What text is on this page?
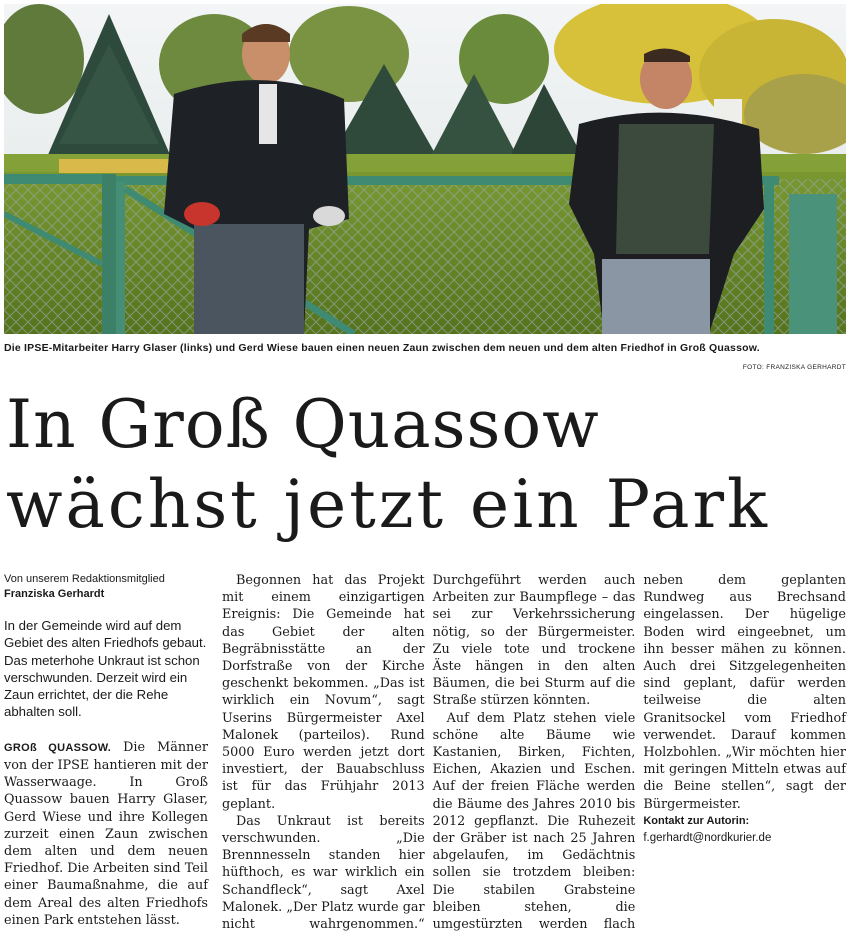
Die IPSE-Mitarbeiter Harry Glaser (links) und Gerd Wiese bauen einen neuen Zaun zwischen dem neuen und dem alten Friedhof in Groß Quassow.
FOTO: FRANZISKA GERHARDT
In Groß Quassow
wächst jetzt ein Park

Von unserem Redaktionsmitglied

Franziska Gerhardt

In der Gemeinde wird auf dem Gebiet des alten Friedhofs gebaut. Das meterhohe Unkraut ist schon verschwunden. Derzeit wird ein Zaun errichtet, der die Rehe abhalten soll.

GROß QUASSOW. Die Männer von der IPSE hantieren mit der Wasserwaage. In Groß Quassow bauen Harry Glaser, Gerd Wiese und ihre Kollegen zurzeit einen Zaun zwischen dem alten und dem neuen Friedhof. Die Arbeiten sind Teil einer Baumaßnahme, die auf dem Areal des alten Friedhofs einen Park entstehen lässt.

Begonnen hat das Projekt mit einem einzigartigen Ereignis: Die Gemeinde hat das Gebiet der alten Begräbnisstätte an der Dorfstraße von der Kirche geschenkt bekommen. „Das ist wirklich ein Novum“, sagt Userins Bürgermeister Axel Malonek (parteilos). Rund 5000 Euro werden jetzt dort investiert, der Bauabschluss ist für das Frühjahr 2013 geplant.

Das Unkraut ist bereits verschwunden. „Die Brennnesseln standen hier hüfthoch, es war wirklich ein Schandfleck“, sagt Axel Malonek. „Der Platz wurde gar nicht wahrgenommen.“ Durchgeführt werden auch Arbeiten zur Baumpflege – das sei zur Verkehrssicherung nötig, so der Bürgermeister. Zu viele tote und trockene Äste hängen in den alten Bäumen, die bei Sturm auf die Straße stürzen könnten.

Auf dem Platz stehen viele schöne alte Bäume wie Kastanien, Birken, Fichten, Eichen, Akazien und Eschen. Auf der freien Fläche werden die Bäume des Jahres 2010 bis 2012 gepflanzt. Die Ruhezeit der Gräber ist nach 25 Jahren abgelaufen, im Gedächtnis sollen sie trotzdem bleiben: Die stabilen Grabsteine bleiben stehen, die umgestürzten werden flach neben dem geplanten Rundweg aus Brechsand eingelassen. Der hügelige Boden wird eingeebnet, um ihn besser mähen zu können. Auch drei Sitzgelegenheiten sind geplant, dafür werden teilweise die alten Granitsockel vom Friedhof verwendet. Darauf kommen Holzbohlen. „Wir möchten hier mit geringen Mitteln etwas auf die Beine stellen“, sagt der Bürgermeister.

Kontakt zur Autorin:

f.gerhardt@nordkurier.de
